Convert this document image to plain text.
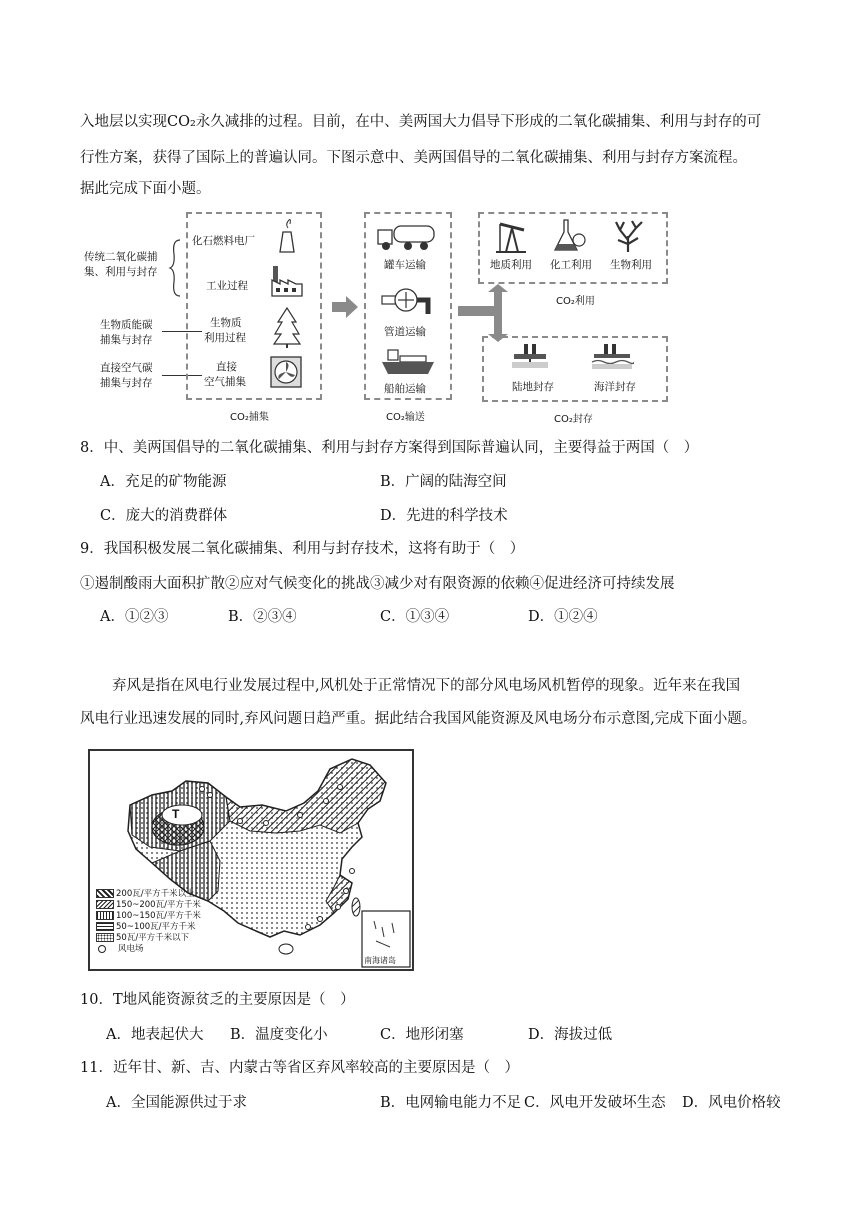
入地层以实现CO₂永久减排的过程。目前，在中、美两国大力倡导下形成的二氧化碳捕集、利用与封存的可
行性方案，获得了国际上的普遍认同。下图示意中、美两国倡导的二氧化碳捕集、利用与封存方案流程。
据此完成下面小题。
传统二氧化碳捕
集、利用与封存
生物质能碳
捕集与封存
直接空气碳
捕集与封存
化石燃料电厂
工业过程
生物质
利用过程
直接
空气捕集
CO₂捕集
罐车运输
管道运输
船舶运输
CO₂输送
地质利用 化工利用 生物利用
CO₂利用
陆地封存	海洋封存
CO₂封存
8．中、美两国倡导的二氧化碳捕集、利用与封存方案得到国际普遍认同，主要得益于两国（　）
A．充足的矿物能源	B．广阔的陆海空间
C．庞大的消费群体	D．先进的科学技术
9．我国积极发展二氧化碳捕集、利用与封存技术，这将有助于（　）
①遏制酸雨大面积扩散②应对气候变化的挑战③减少对有限资源的依赖④促进经济可持续发展
A．①②③	B．②③④	C．①③④	D．①②④
弃风是指在风电行业发展过程中,风机处于正常情况下的部分风电场风机暂停的现象。近年来在我国
风电行业迅速发展的同时,弃风问题日趋严重。据此结合我国风能资源及风电场分布示意图,完成下面小题。
T
南海诸岛
200瓦/平方千米以上
150~200瓦/平方千米
100~150瓦/平方千米
50~100瓦/平方千米
50瓦/平方千米以下
风电场
10．T地风能资源贫乏的主要原因是（　）
A．地表起伏大 B．温度变化小	C．地形闭塞	D．海拔过低
11．近年甘、新、吉、内蒙古等省区弃风率较高的主要原因是（　）
A．全国能源供过于求	B．电网输电能力不足 C．风电开发破坏生态 D．风电价格较
